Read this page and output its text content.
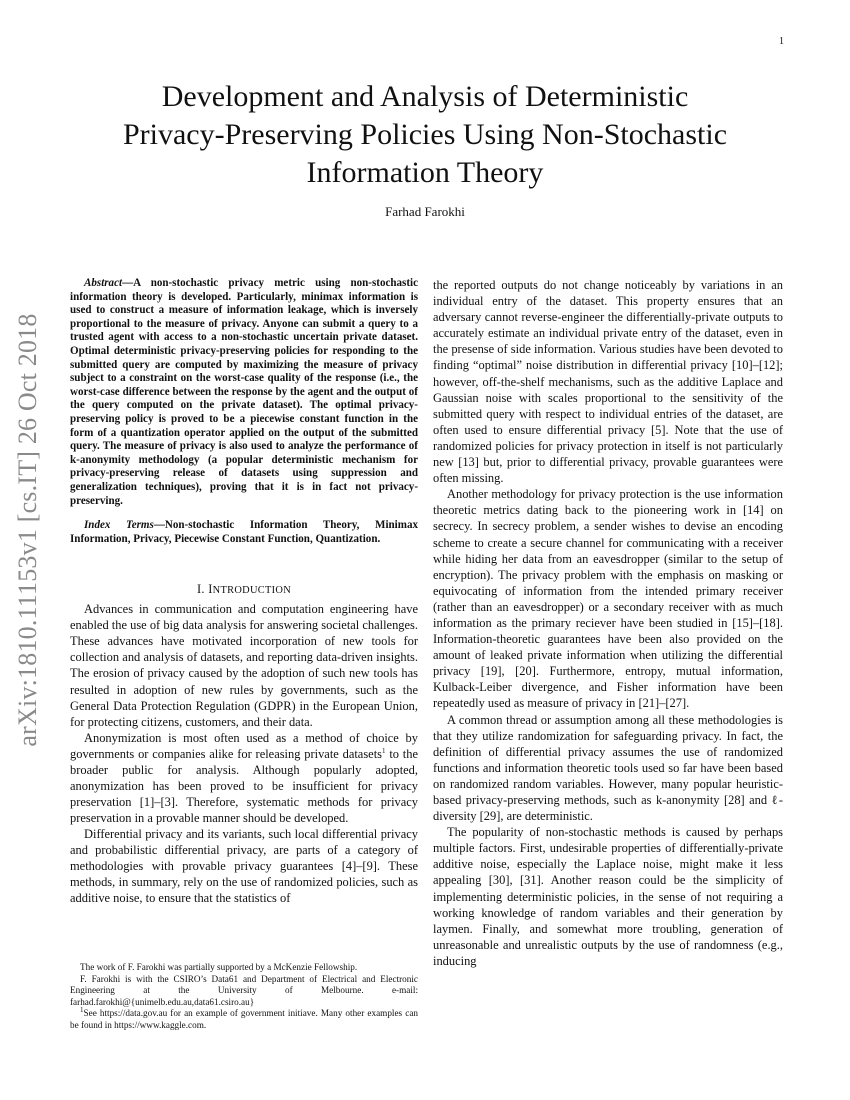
1
arXiv:1810.11153v1 [cs.IT] 26 Oct 2018
Development and Analysis of Deterministic
Privacy-Preserving Policies Using Non-Stochastic
Information Theory
Farhad Farokhi

Abstract—A non-stochastic privacy metric using non-stochastic information theory is developed. Particularly, minimax information is used to construct a measure of information leakage, which is inversely proportional to the measure of privacy. Anyone can submit a query to a trusted agent with access to a non-stochastic uncertain private dataset. Optimal deterministic privacy-preserving policies for responding to the submitted query are computed by maximizing the measure of privacy subject to a constraint on the worst-case quality of the response (i.e., the worst-case difference between the response by the agent and the output of the query computed on the private dataset). The optimal privacy-preserving policy is proved to be a piecewise constant function in the form of a quantization operator applied on the output of the submitted query. The measure of privacy is also used to analyze the performance of k-anonymity methodology (a popular deterministic mechanism for privacy-preserving release of datasets using suppression and generalization techniques), proving that it is in fact not privacy-preserving.

Index Terms—Non-stochastic Information Theory, Minimax Information, Privacy, Piecewise Constant Function, Quantization.

I. INTRODUCTION

Advances in communication and computation engineering have enabled the use of big data analysis for answering societal challenges. These advances have motivated incorporation of new tools for collection and analysis of datasets, and reporting data-driven insights. The erosion of privacy caused by the adoption of such new tools has resulted in adoption of new rules by governments, such as the General Data Protection Regulation (GDPR) in the European Union, for protecting citizens, customers, and their data.

Anonymization is most often used as a method of choice by governments or companies alike for releasing private datasets$^1$ to the broader public for analysis. Although popularly adopted, anonymization has been proved to be insufficient for privacy preservation [1]–[3]. Therefore, systematic methods for privacy preservation in a provable manner should be developed.

Differential privacy and its variants, such local differential privacy and probabilistic differential privacy, are parts of a category of methodologies with provable privacy guarantees [4]–[9]. These methods, in summary, rely on the use of randomized policies, such as additive noise, to ensure that the statistics of

The work of F. Farokhi was partially supported by a McKenzie Fellowship.

F. Farokhi is with the CSIRO’s Data61 and Department of Electrical and Electronic Engineering at the University of Melbourne. e-mail: farhad.farokhi@{unimelb.edu.au,data61.csiro.au}

$^1$See https://data.gov.au for an example of government initiave. Many other examples can be found in https://www.kaggle.com.

the reported outputs do not change noticeably by variations in an individual entry of the dataset. This property ensures that an adversary cannot reverse-engineer the differentially-private outputs to accurately estimate an individual private entry of the dataset, even in the presense of side information. Various studies have been devoted to finding “optimal” noise distribution in differential privacy [10]–[12]; however, off-the-shelf mechanisms, such as the additive Laplace and Gaussian noise with scales proportional to the sensitivity of the submitted query with respect to individual entries of the dataset, are often used to ensure differential privacy [5]. Note that the use of randomized policies for privacy protection in itself is not particularly new [13] but, prior to differential privacy, provable guarantees were often missing.

Another methodology for privacy protection is the use information theoretic metrics dating back to the pioneering work in [14] on secrecy. In secrecy problem, a sender wishes to devise an encoding scheme to create a secure channel for communicating with a receiver while hiding her data from an eavesdropper (similar to the setup of encryption). The privacy problem with the emphasis on masking or equivocating of information from the intended primary receiver (rather than an eavesdropper) or a secondary receiver with as much information as the primary reciever have been studied in [15]–[18]. Information-theoretic guarantees have been also provided on the amount of leaked private information when utilizing the differential privacy [19], [20]. Furthermore, entropy, mutual information, Kulback-Leiber divergence, and Fisher information have been repeatedly used as measure of privacy in [21]–[27].

A common thread or assumption among all these methodologies is that they utilize randomization for safeguarding privacy. In fact, the definition of differential privacy assumes the use of randomized functions and information theoretic tools used so far have been based on randomized random variables. However, many popular heuristic-based privacy-preserving methods, such as k-anonymity [28] and ℓ-diversity [29], are deterministic.

The popularity of non-stochastic methods is caused by perhaps multiple factors. First, undesirable properties of differentially-private additive noise, especially the Laplace noise, might make it less appealing [30], [31]. Another reason could be the simplicity of implementing deterministic policies, in the sense of not requiring a working knowledge of random variables and their generation by laymen. Finally, and somewhat more troubling, generation of unreasonable and unrealistic outputs by the use of randomness (e.g., inducing
